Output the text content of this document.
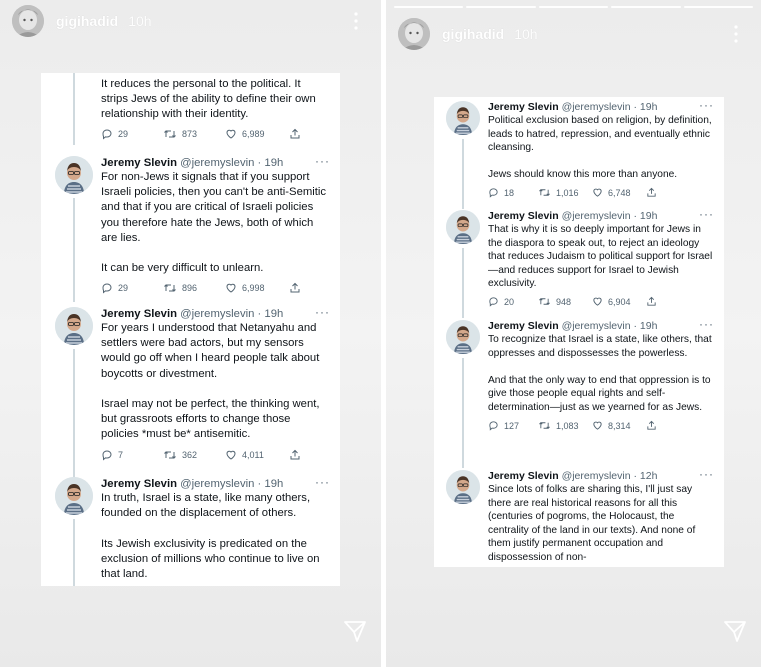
gigihadid 10h
It reduces the personal to the political. It strips Jews of the ability to define their own relationship with their identity.
29	873	6,989
Jeremy Slevin @jeremyslevin · 19h	···
For non-Jews it signals that if you support Israeli policies, then you can't be anti-Semitic and that if you are critical of Israeli policies you therefore hate the Jews, both of which are lies.

It can be very difficult to unlearn.
29	896	6,998
Jeremy Slevin @jeremyslevin · 19h	···
For years I understood that Netanyahu and settlers were bad actors, but my sensors would go off when I heard people talk about boycotts or divestment.

Israel may not be perfect, the thinking went, but grassroots efforts to change those policies *must be* antisemitic.
7	362	4,011
Jeremy Slevin @jeremyslevin · 19h	···
In truth, Israel is a state, like many others, founded on the displacement of others.

Its Jewish exclusivity is predicated on the exclusion of millions who continue to live on that land.
gigihadid 10h
Jeremy Slevin @jeremyslevin · 19h	···
Political exclusion based on religion, by definition, leads to hatred, repression, and eventually ethnic cleansing.

Jews should know this more than anyone.
18	1,016	6,748
Jeremy Slevin @jeremyslevin · 19h	···
That is why it is so deeply important for Jews in the diaspora to speak out, to reject an ideology that reduces Judaism to political support for Israel—and reduces support for Israel to Jewish exclusivity.
20	948	6,904
Jeremy Slevin @jeremyslevin · 19h	···
To recognize that Israel is a state, like others, that oppresses and dispossesses the powerless.

And that the only way to end that oppression is to give those people equal rights and self-determination—just as we yearned for as Jews.
127	1,083	8,314
Jeremy Slevin @jeremyslevin · 12h	···
Since lots of folks are sharing this, I'll just say there are real historical reasons for all this (centuries of pogroms, the Holocaust, the centrality of the land in our texts). And none of them justify permanent occupation and dispossession of non-
